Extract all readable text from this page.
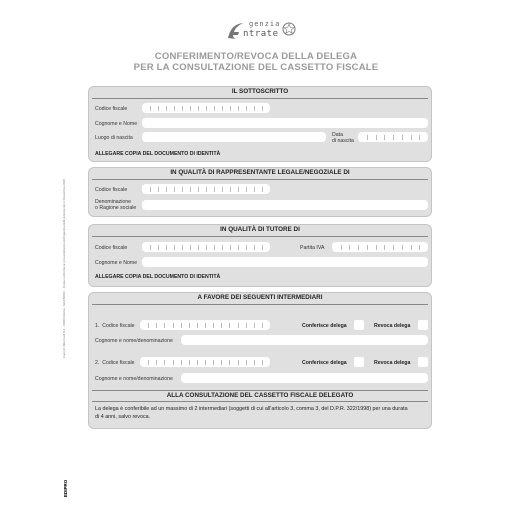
genzia
ntrate
CONFERIMENTO/REVOCA DELLA DELEGA
PER LA CONSULTAZIONE DEL CASSETTO FISCALE
IL SOTTOSCRITTO
Codice fiscale
Cognome e Nome
Luogo di nascita	Data
di nascita
ALLEGARE COPIA DEL DOCUMENTO DI IDENTITÀ
IN QUALITÀ DI RAPPRESENTANTE LEGALE/NEGOZIALE DI
Codice fiscale
Denominazione
o Ragione sociale
IN QUALITÀ DI TUTORE DI
Codice fiscale	Partita IVA
Cognome e Nome
ALLEGARE COPIA DEL DOCUMENTO DI IDENTITÀ
A FAVORE DEI SEGUENTI INTERMEDIARI
1. Codice fiscale	Conferisce delega	Revoca delega
Cognome e nome/denominazione
2. Codice fiscale	Conferisce delega	Revoca delega
Cognome e nome/denominazione
ALLA CONSULTAZIONE DEL CASSETTO FISCALE DELEGATO
La delega è conferibile ad un massimo di 2 intermediari (soggetti di cui all'articolo 3, comma 3, del D.P.R. 322/1998) per una durata
di 4 anni, salvo revoca.
Fuori di Villa Frodi N.1 - 00183 Roma - Mod 8001F - Copia conforme al provvedimento dell'Agenzia delle Entrate del 2 Novembre 2018
EDIPRO
